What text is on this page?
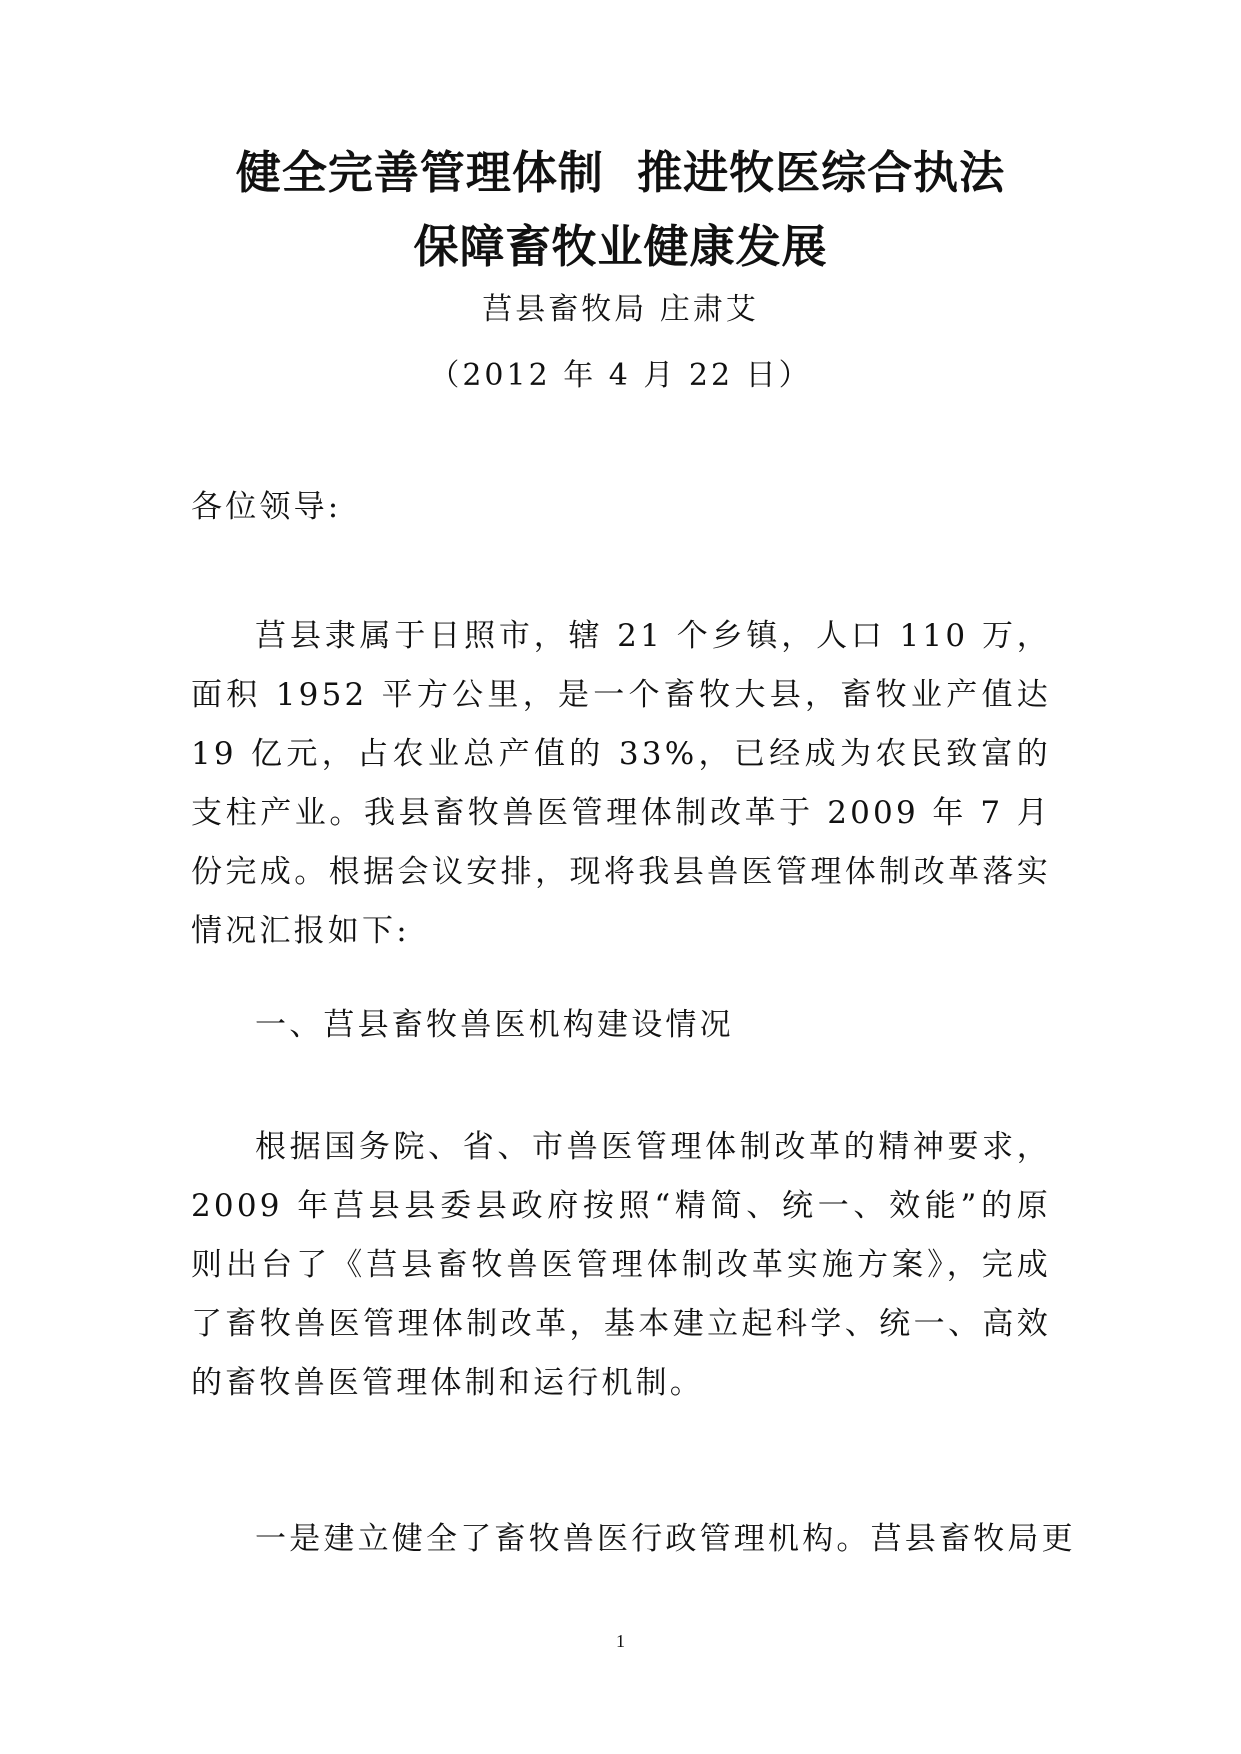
健全完善管理体制  推进牧医综合执法
保障畜牧业健康发展

莒县畜牧局 庄肃艾

（2012 年 4 月 22 日）

各位领导:

莒县隶属于日照市，辖 21 个乡镇，人口 110 万，面积 1952 平方公里，是一个畜牧大县，畜牧业产值达 19 亿元，占农业总产值的 33%，已经成为农民致富的支柱产业。我县畜牧兽医管理体制改革于 2009 年 7 月份完成。根据会议安排，现将我县兽医管理体制改革落实情况汇报如下:

一、莒县畜牧兽医机构建设情况

根据国务院、省、市兽医管理体制改革的精神要求，2009 年莒县县委县政府按照“精简、统一、效能”的原则出台了《莒县畜牧兽医管理体制改革实施方案》，完成了畜牧兽医管理体制改革，基本建立起科学、统一、高效的畜牧兽医管理体制和运行机制。

一是建立健全了畜牧兽医行政管理机构。莒县畜牧局更

1
